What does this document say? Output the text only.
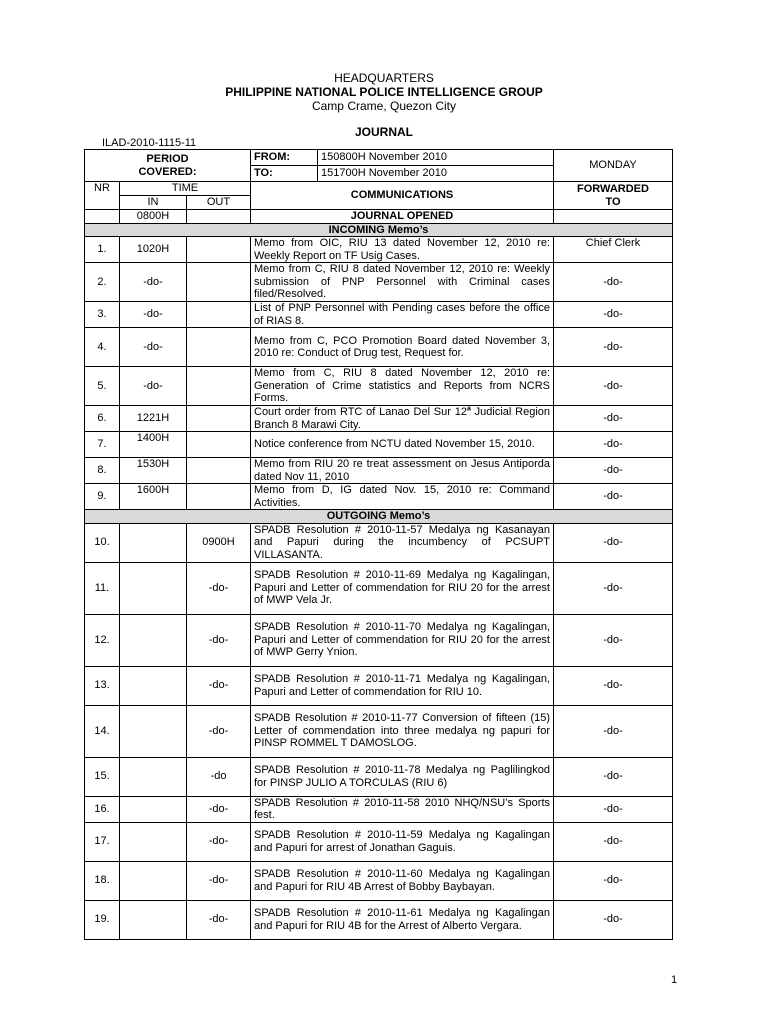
HEADQUARTERS
PHILIPPINE NATIONAL POLICE INTELLIGENCE GROUP
Camp Crame, Quezon City
JOURNAL
ILAD-2010-1115-11
PERIOD
COVERED:			FROM:	150800H November 2010	MONDAY
			TO:	151700H November 2010	
NR	TIME		COMMUNICATIONS		FORWARDED
TO

	IN	OUT			
	0800H		JOURNAL OPENED		
INCOMING Memo’s					
1.	1020H		Memo from OIC, RIU 13 dated November 12, 2010 re: Weekly Report on TF Usig Cases.		Chief Clerk
2.	-do-		Memo from C, RIU 8 dated November 12, 2010 re: Weekly submission of PNP Personnel with Criminal cases filed/Resolved.		-do-
3.	-do-		List of PNP Personnel with Pending cases before the office of RIAS 8.		-do-
4.	-do-		Memo from C, PCO Promotion Board dated November 3, 2010 re: Conduct of Drug test, Request for.		-do-
5.	-do-		Memo from C, RIU 8 dated November 12, 2010 re: Generation of Crime statistics and Reports from NCRS Forms.		-do-
6.	1221H		Court order from RTC of Lanao Del Sur 12$^a$ Judicial Region Branch 8 Marawi City.		-do-
7.	1400H		Notice conference from NCTU dated November 15, 2010.		-do-
8.	1530H		Memo from RIU 20 re treat assessment on Jesus Antiporda dated Nov 11, 2010		-do-
9.	1600H		Memo from D, IG dated Nov. 15, 2010 re: Command Activities.		-do-
OUTGOING Memo’s					
10.		0900H	SPADB Resolution # 2010-11-57 Medalya ng Kasanayan and Papuri during the incumbency of PCSUPT VILLASANTA.		-do-
11.		-do-	SPADB Resolution # 2010-11-69 Medalya ng Kagalingan, Papuri and Letter of commendation for RIU 20 for the arrest of MWP Vela Jr.		-do-
12.		-do-	SPADB Resolution # 2010-11-70 Medalya ng Kagalingan, Papuri and Letter of commendation for RIU 20 for the arrest of MWP Gerry Ynion.		-do-
13.		-do-	SPADB Resolution # 2010-11-71 Medalya ng Kagalingan, Papuri and Letter of commendation for RIU 10.		-do-
14.		-do-	SPADB Resolution # 2010-11-77 Conversion of fifteen (15) Letter of commendation into three medalya ng papuri for PINSP ROMMEL T DAMOSLOG.		-do-
15.		-do	SPADB Resolution # 2010-11-78 Medalya ng Paglilingkod for PINSP JULIO A TORCULAS (RIU 6)		-do-
16.		-do-	SPADB Resolution # 2010-11-58 2010 NHQ/NSU’s Sports fest.		-do-
17.		-do-	SPADB Resolution # 2010-11-59 Medalya ng Kagalingan and Papuri for arrest of Jonathan Gaguis.		-do-
18.		-do-	SPADB Resolution # 2010-11-60 Medalya ng Kagalingan and Papuri for RIU 4B Arrest of Bobby Baybayan.		-do-
19.		-do-	SPADB Resolution # 2010-11-61 Medalya ng Kagalingan and Papuri for RIU 4B for the Arrest of Alberto Vergara.		-do-
1
